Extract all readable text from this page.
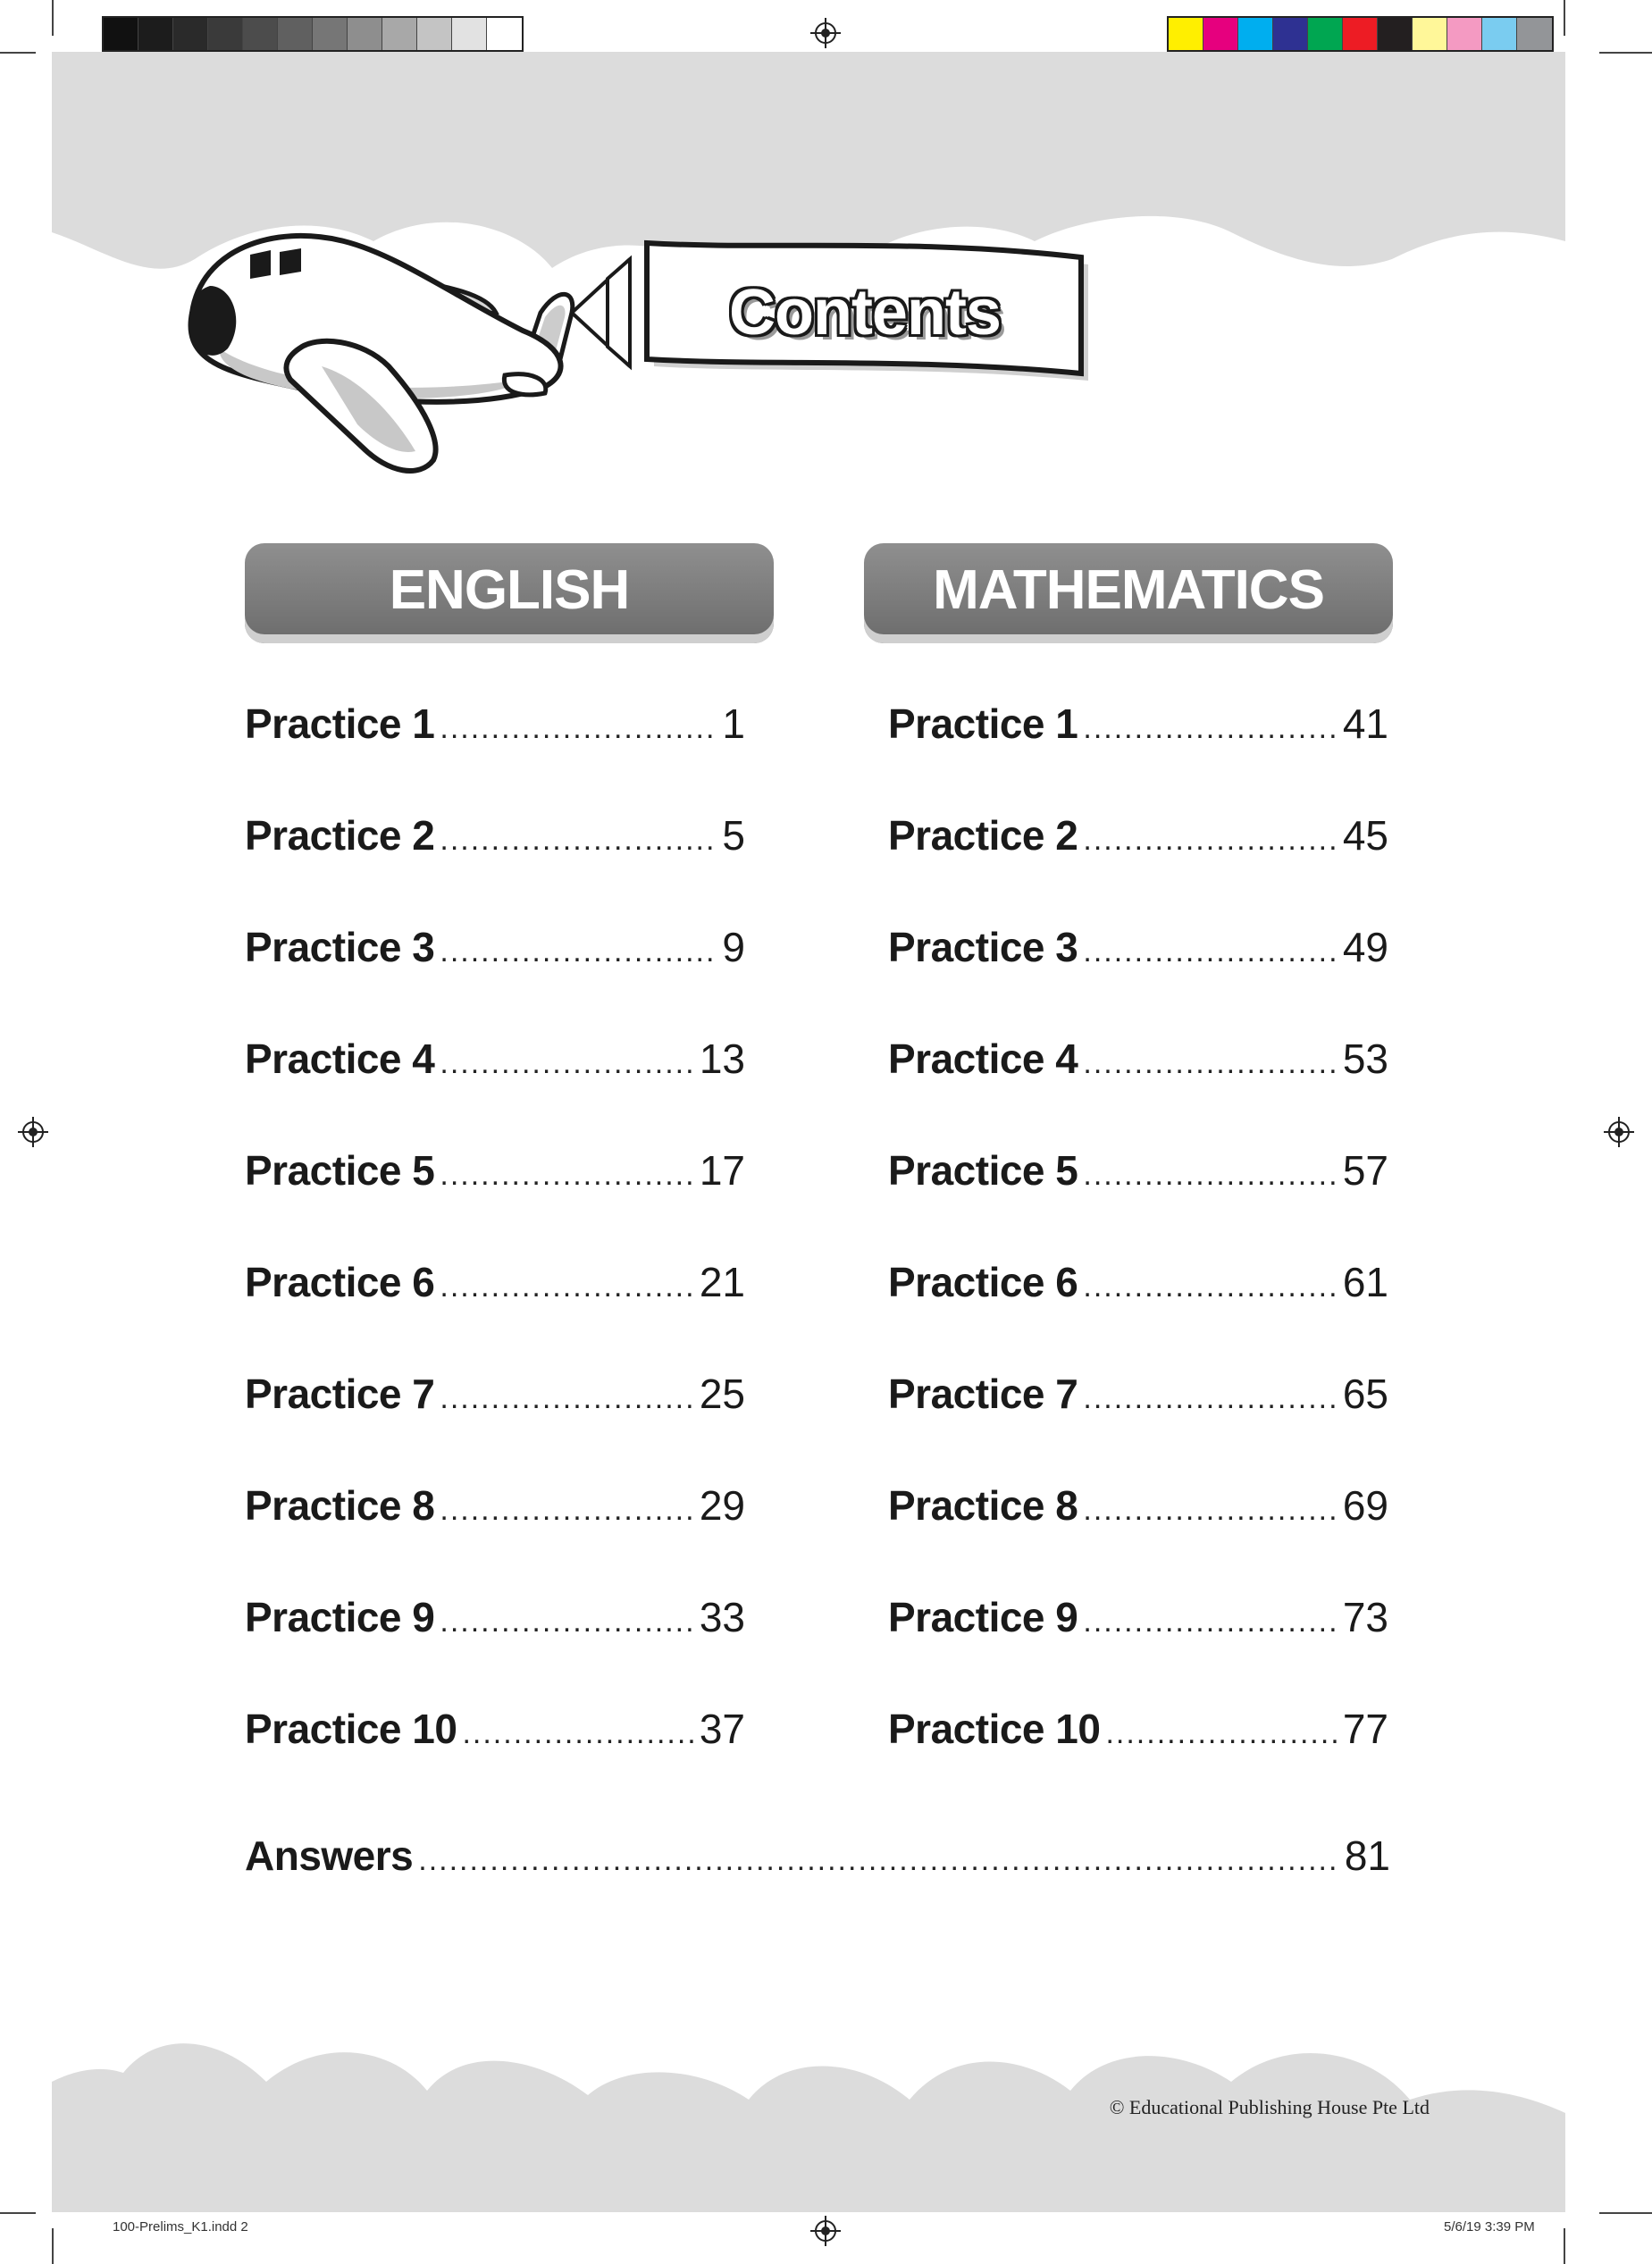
Contents
ENGLISH	MATHEMATICS
Practice 1 .....	1
Practice 2 .....	5
Practice 3 .....	9
Practice 4 .....	13
Practice 5 .....	17
Practice 6 .....	21
Practice 7 .....	25
Practice 8 .....	29
Practice 9 .....	33
Practice 10 .....	37
Practice 1 .....	41
Practice 2 .....	45
Practice 3 .....	49
Practice 4 .....	53
Practice 5 .....	57
Practice 6 .....	61
Practice 7 .....	65
Practice 8 .....	69
Practice 9 .....	73
Practice 10 .....	77
Answers .....	81
© Educational Publishing House Pte Ltd
100-Prelims_K1.indd 2	5/6/19 3:39 PM
